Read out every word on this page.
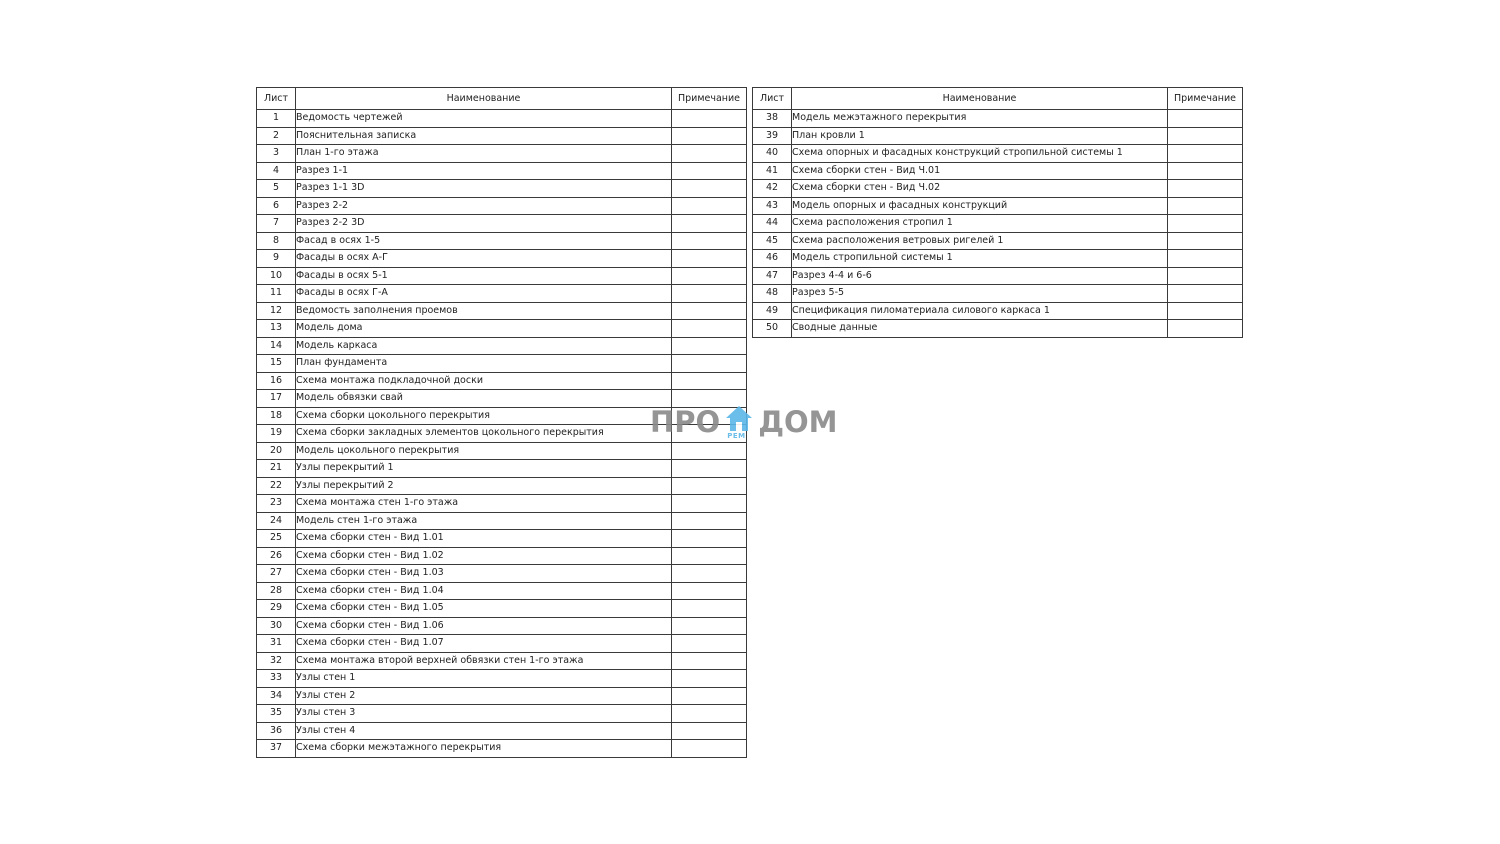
Лист	Наименование	Примечание
1	Ведомость чертежей	
2	Пояснительная записка	
3	План 1-го этажа	
4	Разрез 1-1	
5	Разрез 1-1 3D	
6	Разрез 2-2	
7	Разрез 2-2 3D	
8	Фасад в осях 1-5	
9	Фасады в осях А-Г	
10	Фасады в осях 5-1	
11	Фасады в осях Г-А	
12	Ведомость заполнения проемов	
13	Модель дома	
14	Модель каркаса	
15	План фундамента	
16	Схема монтажа подкладочной доски	
17	Модель обвязки свай	
18	Схема сборки цокольного перекрытия	
19	Схема сборки закладных элементов цокольного перекрытия	
20	Модель цокольного перекрытия	
21	Узлы перекрытий 1	
22	Узлы перекрытий 2	
23	Схема монтажа стен 1-го этажа	
24	Модель стен 1-го этажа	
25	Схема сборки стен - Вид 1.01	
26	Схема сборки стен - Вид 1.02	
27	Схема сборки стен - Вид 1.03	
28	Схема сборки стен - Вид 1.04	
29	Схема сборки стен - Вид 1.05	
30	Схема сборки стен - Вид 1.06	
31	Схема сборки стен - Вид 1.07	
32	Схема монтажа второй верхней обвязки стен 1-го этажа	
33	Узлы стен 1	
34	Узлы стен 2	
35	Узлы стен 3	
36	Узлы стен 4	
37	Схема сборки межэтажного перекрытия	
Лист	Наименование	Примечание
38	Модель межэтажного перекрытия	
39	План кровли 1	
40	Схема опорных и фасадных конструкций стропильной системы 1	
41	Схема сборки стен - Вид Ч.01	
42	Схема сборки стен - Вид Ч.02	
43	Модель опорных и фасадных конструкций	
44	Схема расположения стропил 1	
45	Схема расположения ветровых ригелей 1	
46	Модель стропильной системы 1	
47	Разрез 4-4 и 6-6	
48	Разрез 5-5	
49	Спецификация пиломатериала силового каркаса 1	
50	Сводные данные	
ПРО РЕМ ДОМ
